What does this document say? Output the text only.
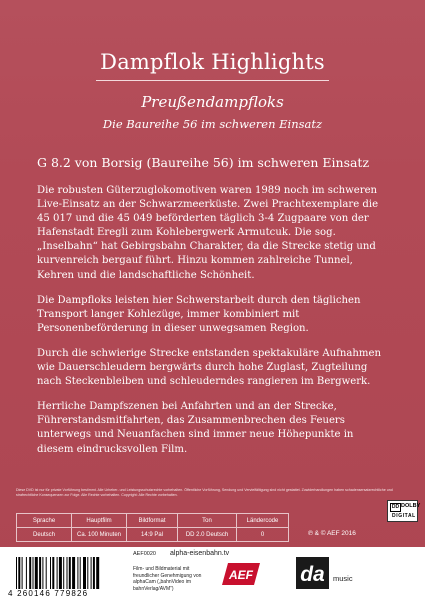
Dampflok Highlights
Preußendampfloks
Die Baureihe 56 im schweren Einsatz
G 8.2 von Borsig (Baureihe 56) im schweren Einsatz

Die robusten Güterzuglokomotiven waren 1989 noch im schweren Live-Einsatz an der Schwarzmeerküste. Zwei Prachtexemplare die 45 017 und die 45 049 beförderten täglich 3-4 Zugpaare von der Hafenstadt Eregli zum Kohlebergwerk Armutcuk. Die sog. „Inselbahn“ hat Gebirgsbahn Charakter, da die Strecke stetig und kurvenreich bergauf führt. Hinzu kommen zahlreiche Tunnel, Kehren und die landschaftliche Schönheit.

Die Dampfloks leisten hier Schwerstarbeit durch den täglichen Transport langer Kohlezüge, immer kombiniert mit Personenbeförderung in dieser unwegsamen Region.

Durch die schwierige Strecke entstanden spektakuläre Aufnahmen wie Dauerschleudern bergwärts durch hohe Zuglast, Zugteilung nach Steckenbleiben und schleuderndes rangieren im Bergwerk.

Herrliche Dampfszenen bei Anfahrten und an der Strecke, Führerstandsmitfahrten, das Zusammenbrechen des Feuers unterwegs und Neuanfachen sind immer neue Höhepunkte in diesem eindrucksvollen Film.

Diese DVD ist nur für private Vorführung bestimmt. Alle Urheber- und Leistungsschutzrechte vorbehalten. Öffentliche Vorführung, Sendung und Vervielfältigung sind nicht gestattet. Zuwiderhandlungen haben schadensersatzrechtliche und strafrechtliche Konsequenzen zur Folge. Alle Rechte vorbehalten. Copyright: Alle Rechte vorbehalten.
Sprache	Hauptfilm	Bildformat	Ton	Ländercode
Deutsch	Ca. 100 Minuten	14:9 Pal	DD 2.0 Deutsch	0	℗ & © AEF 2016
DD DOLBY
DIGITAL
4 260146 779826
AEF0020 alpha-eisenbahn.tv
Film- und Bildmaterial mit freundlicher Genehmigung von alphaCam („bahnVideo im bahnVerlag/AVM“)
AEF da music
